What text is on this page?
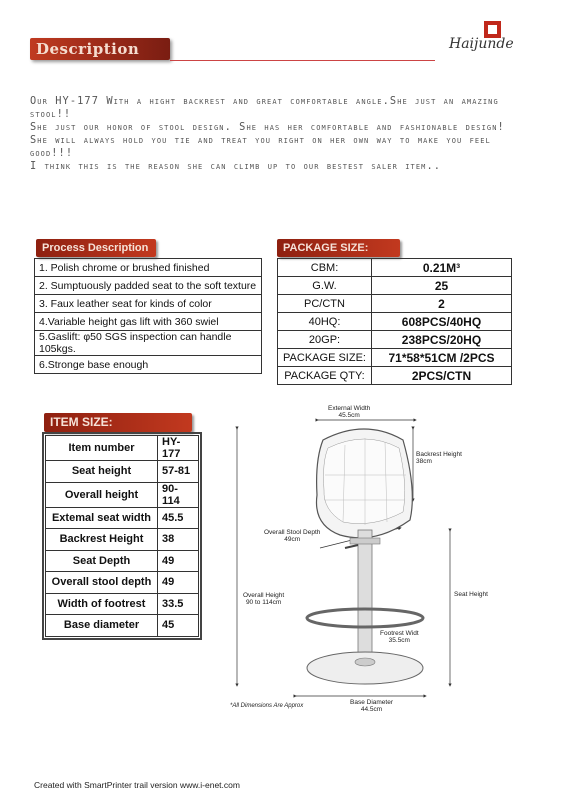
Description	Haijunde

Our HY-177 With a hight backrest and great comfortable angle.She just an amazing stool!!

She just our honor of stool design. She has her comfortable and fashionable design!

She will always hold you tie and treat you right on her own way to make you feel good!!!

I think this is the reason she can climb up to our bestest saler item..

Process Description
1. Polish chrome or brushed finished
2. Sumptuously padded seat to the soft texture
3. Faux leather seat for kinds of color
4.Variable height gas lift with 360 swiel
5.Gaslift: φ50 SGS inspection can handle 105kgs.
6.Stronge base enough
PACKAGE SIZE:
CBM:	0.21M³
G.W.	25
PC/CTN	2
40HQ:	608PCS/40HQ
20GP:	238PCS/20HQ
PACKAGE SIZE:	71*58*51CM /2PCS
PACKAGE QTY:	2PCS/CTN
ITEM SIZE:
Item number	HY-177
Seat height	57-81
Overall height	90-114
Extemal seat width	45.5
Backrest Height	38
Seat Depth	49
Overall stool depth	49
Width of footrest	33.5
Base diameter	45
External Width
45.5cm
Backrest Height
38cm
Overall Stool Depth
49cm
Overall Height
90 to 114cm
Seat Height
Footrest Widt
35.5cm
Base Diameter
44.5cm
*All Dimensions Are Approx
Created with SmartPrinter trail version www.i-enet.com
